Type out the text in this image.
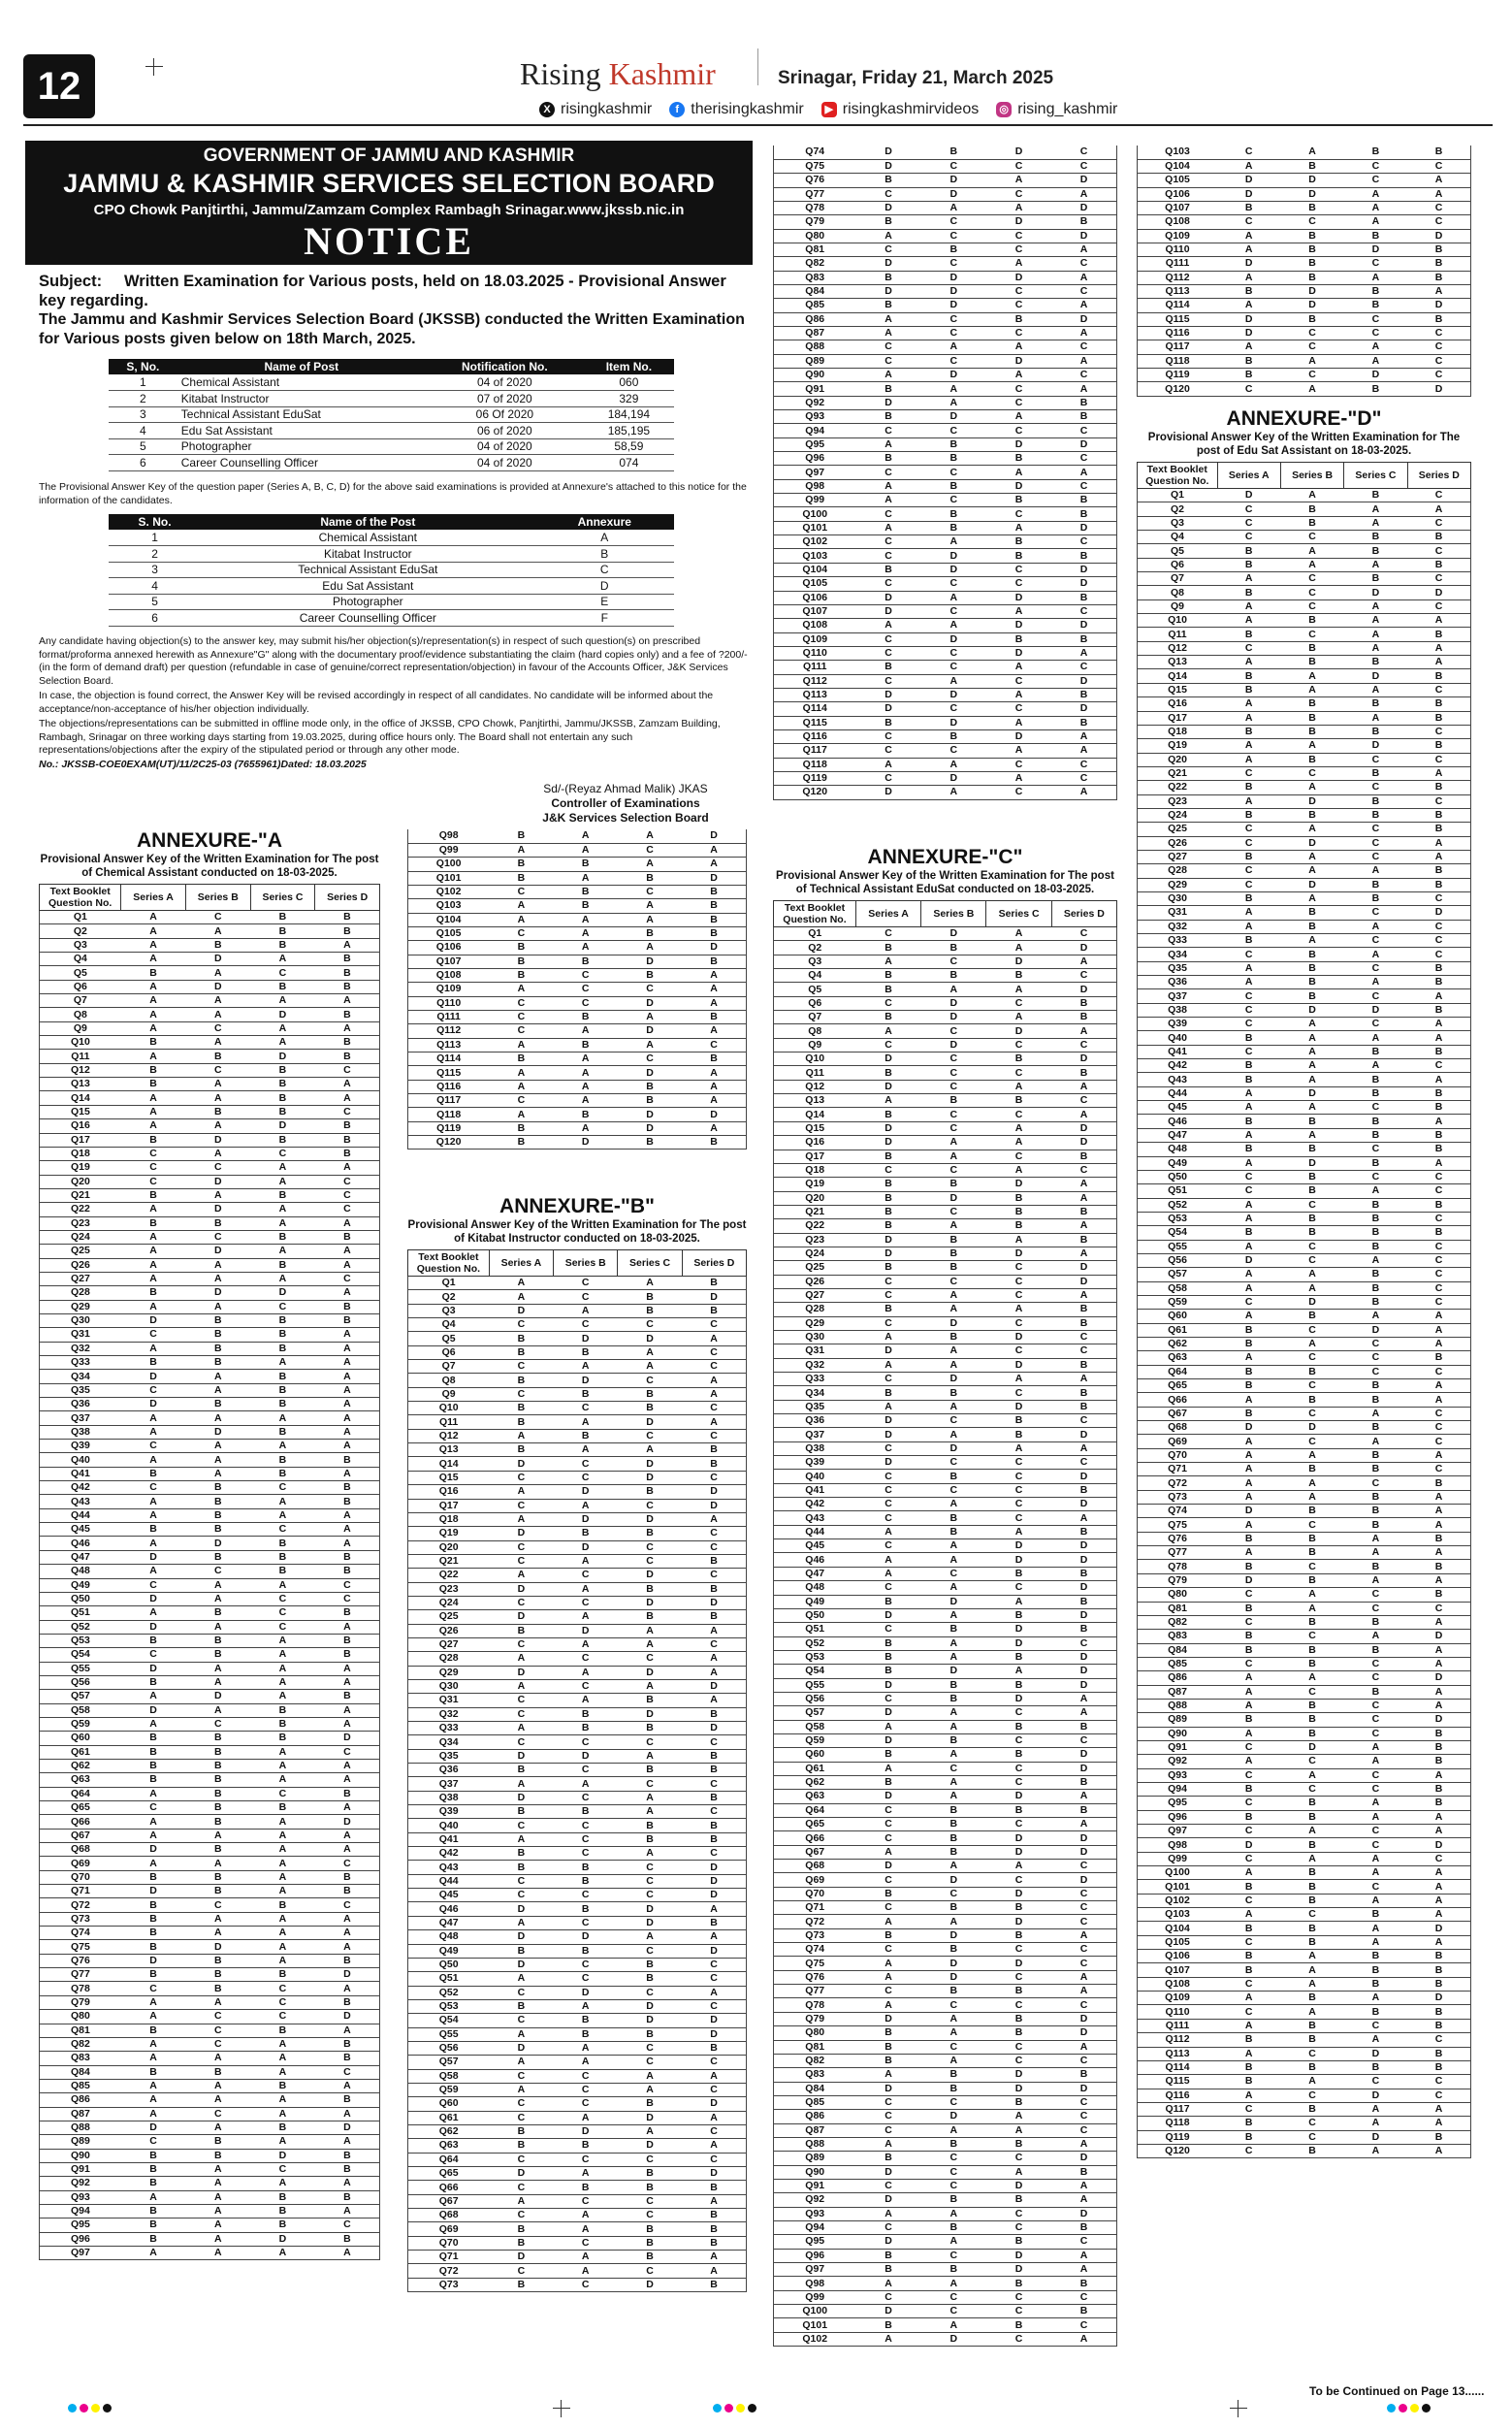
12	Rising Kashmir	Srinagar, Friday 21, March 2025
X risingkashmir	f therisingkashmir	▶ risingkashmirvideos ◎ rising_kashmir
GOVERNMENT OF JAMMU AND KASHMIR
JAMMU & KASHMIR SERVICES SELECTION BOARD
CPO Chowk Panjtirthi, Jammu/Zamzam Complex Rambagh Srinagar.www.jkssb.nic.in
NOTICE
Subject: Written Examination for Various posts, held on 18.03.2025 - Provisional Answer key regarding.
The Jammu and Kashmir Services Selection Board (JKSSB) conducted the Written Examination for Various posts given below on 18th March, 2025.
S, No.	Name of Post	Notification No.	Item No.
1	Chemical Assistant	04 of 2020	060
2	Kitabat Instructor	07 of 2020	329
3	Technical Assistant EduSat	06 Of 2020	184,194
4	Edu Sat Assistant	06 of 2020	185,195
5	Photographer	04 of 2020	58,59
6	Career Counselling Officer	04 of 2020	074
The Provisional Answer Key of the question paper (Series A, B, C, D) for the above said examinations is provided at Annexure's attached to this notice for the information of the candidates.
S. No.	Name of the Post	Annexure
1	Chemical Assistant	A
2	Kitabat Instructor	B
3	Technical Assistant EduSat	C
4	Edu Sat Assistant	D
5	Photographer	E
6	Career Counselling Officer	F
Any candidate having objection(s) to the answer key, may submit his/her objection(s)/representation(s) in respect of such question(s) on prescribed format/proforma annexed herewith as Annexure"G" along with the documentary proof/evidence substantiating the claim (hard copies only) and a fee of ?200/- (in the form of demand draft) per question (refundable in case of genuine/correct representation/objection) in favour of the Accounts Officer, J&K Services Selection Board.
In case, the objection is found correct, the Answer Key will be revised accordingly in respect of all candidates. No candidate will be informed about the acceptance/non-acceptance of his/her objection individually.
The objections/representations can be submitted in offline mode only, in the office of JKSSB, CPO Chowk, Panjtirthi, Jammu/JKSSB, Zamzam Building, Rambagh, Srinagar on three working days starting from 19.03.2025, during office hours only. The Board shall not entertain any such representations/objections after the expiry of the stipulated period or through any other mode.
No.: JKSSB-COE0EXAM(UT)/11/2C25-03 (7655961)Dated: 18.03.2025
Sd/-(Reyaz Ahmad Malik) JKAS
Controller of Examinations
J&K Services Selection Board
ANNEXURE-"A
Provisional Answer Key of the Written Examination for The post of Chemical Assistant conducted on 18-03-2025.
Text Booklet Question No.	Series A	Series B	Series C	Series D
Q1	A	C	B	B
Q2	A	A	B	B
Q3	A	B	B	A
Q4	A	D	A	B
Q5	B	A	C	B
Q6	A	D	B	B
Q7	A	A	A	A
Q8	A	A	D	B
Q9	A	C	A	A
Q10	B	A	A	B
Q11	A	B	D	B
Q12	B	C	B	C
Q13	B	A	B	A
Q14	A	A	B	A
Q15	A	B	B	C
Q16	A	A	D	B
Q17	B	D	B	B
Q18	C	A	C	B
Q19	C	C	A	A
Q20	C	D	A	C
Q21	B	A	B	C
Q22	A	D	A	C
Q23	B	B	A	A
Q24	A	C	B	B
Q25	A	D	A	A
Q26	A	A	B	A
Q27	A	A	A	C
Q28	B	D	D	A
Q29	A	A	C	B
Q30	D	B	B	B
Q31	C	B	B	A
Q32	A	B	B	A
Q33	B	B	A	A
Q34	D	A	B	A
Q35	C	A	B	A
Q36	D	B	B	A
Q37	A	A	A	A
Q38	A	D	B	A
Q39	C	A	A	A
Q40	A	A	B	B
Q41	B	A	B	A
Q42	C	B	C	B
Q43	A	B	A	B
Q44	A	B	A	A
Q45	B	B	C	A
Q46	A	D	B	A
Q47	D	B	B	B
Q48	A	C	B	B
Q49	C	A	A	C
Q50	D	A	C	C
Q51	A	B	C	B
Q52	D	A	C	A
Q53	B	B	A	B
Q54	C	B	A	B
Q55	D	A	A	A
Q56	B	A	A	A
Q57	A	D	A	B
Q58	D	A	B	A
Q59	A	C	B	A
Q60	B	B	B	D
Q61	B	B	A	C
Q62	B	B	A	A
Q63	B	B	A	A
Q64	A	B	C	B
Q65	C	B	B	A
Q66	A	B	A	D
Q67	A	A	A	A
Q68	D	B	A	A
Q69	A	A	A	C
Q70	B	B	A	B
Q71	D	B	A	B
Q72	B	C	B	C
Q73	B	A	A	A
Q74	B	A	A	A
Q75	B	D	A	A
Q76	D	B	A	B
Q77	B	B	B	D
Q78	C	B	C	A
Q79	A	A	C	B
Q80	A	C	C	D
Q81	B	C	B	A
Q82	A	C	A	B
Q83	A	A	A	B
Q84	B	B	A	C
Q85	A	A	B	A
Q86	A	A	A	B
Q87	A	C	A	A
Q88	D	A	B	D
Q89	C	B	A	A
Q90	B	B	D	B
Q91	B	A	C	B
Q92	B	A	A	A
Q93	A	A	B	B
Q94	B	A	B	A
Q95	B	A	B	C
Q96	B	A	D	B
Q97	A	A	A	A
Q98	B	A	A	D
Q99	A	A	C	A
Q100	B	B	A	A
Q101	B	A	B	D
Q102	C	B	C	B
Q103	A	B	A	B
Q104	A	A	A	B
Q105	C	A	B	B
Q106	B	A	A	D
Q107	B	B	D	B
Q108	B	C	B	A
Q109	A	C	C	A
Q110	C	C	D	A
Q111	C	B	A	B
Q112	C	A	D	A
Q113	A	B	A	C
Q114	B	A	C	B
Q115	A	A	D	A
Q116	A	A	B	A
Q117	C	A	B	A
Q118	A	B	D	D
Q119	B	A	D	A
Q120	B	D	B	B
ANNEXURE-"B"
Provisional Answer Key of the Written Examination for The post of Kitabat Instructor conducted on 18-03-2025.
Text Booklet Question No.	Series A	Series B	Series C	Series D
Q1	A	C	A	B
Q2	A	C	B	D
Q3	D	A	B	B
Q4	C	C	C	C
Q5	B	D	D	A
Q6	B	B	A	C
Q7	C	A	A	C
Q8	B	D	C	A
Q9	C	B	B	A
Q10	B	C	B	C
Q11	B	A	D	A
Q12	A	B	C	C
Q13	B	A	A	B
Q14	D	C	D	B
Q15	C	C	D	C
Q16	A	D	B	D
Q17	C	A	C	D
Q18	A	D	D	A
Q19	D	B	B	C
Q20	C	D	C	C
Q21	C	A	C	B
Q22	A	C	D	C
Q23	D	A	B	B
Q24	C	C	D	D
Q25	D	A	B	B
Q26	B	D	A	A
Q27	C	A	A	C
Q28	A	C	C	A
Q29	D	A	D	A
Q30	A	C	A	D
Q31	C	A	B	A
Q32	C	B	D	B
Q33	A	B	B	D
Q34	C	C	C	C
Q35	D	D	A	B
Q36	B	C	B	B
Q37	A	A	C	C
Q38	D	C	A	B
Q39	B	B	A	C
Q40	C	C	B	B
Q41	A	C	B	B
Q42	B	C	A	C
Q43	B	B	C	D
Q44	C	B	C	D
Q45	C	C	C	D
Q46	D	B	D	A
Q47	A	C	D	B
Q48	D	D	A	A
Q49	B	B	C	D
Q50	D	C	B	C
Q51	A	C	B	C
Q52	C	D	C	A
Q53	B	A	D	C
Q54	C	B	D	D
Q55	A	B	B	D
Q56	D	A	C	B
Q57	A	A	C	C
Q58	C	C	A	A
Q59	A	C	A	C
Q60	C	C	B	D
Q61	C	A	D	A
Q62	B	D	A	C
Q63	B	B	D	A
Q64	C	C	C	C
Q65	D	A	B	D
Q66	C	B	B	B
Q67	A	C	C	A
Q68	C	A	C	B
Q69	B	A	B	B
Q70	B	C	B	B
Q71	D	A	B	A
Q72	C	A	C	A
Q73	B	C	D	B
Q74	D	B	D	C
Q75	D	C	C	C
Q76	B	D	A	D
Q77	C	D	C	A
Q78	D	A	A	D
Q79	B	C	D	B
Q80	A	C	C	D
Q81	C	B	C	A
Q82	D	C	A	C
Q83	B	D	D	A
Q84	D	D	C	C
Q85	B	D	C	A
Q86	A	C	B	D
Q87	A	C	C	A
Q88	C	A	A	C
Q89	C	C	D	A
Q90	A	D	A	C
Q91	B	A	C	A
Q92	D	A	C	B
Q93	B	D	A	B
Q94	C	C	C	C
Q95	A	B	D	D
Q96	B	B	B	C
Q97	C	C	A	A
Q98	A	B	D	C
Q99	A	C	B	B
Q100	C	B	C	B
Q101	A	B	A	D
Q102	C	A	B	C
Q103	C	D	B	B
Q104	B	D	C	D
Q105	C	C	C	D
Q106	D	A	D	B
Q107	D	C	A	C
Q108	A	A	D	D
Q109	C	D	B	B
Q110	C	C	D	A
Q111	B	C	A	C
Q112	C	A	C	D
Q113	D	D	A	B
Q114	D	C	C	D
Q115	B	D	A	B
Q116	C	B	D	A
Q117	C	C	A	A
Q118	A	A	C	C
Q119	C	D	A	C
Q120	D	A	C	A
ANNEXURE-"C"
Provisional Answer Key of the Written Examination for The post of Technical Assistant EduSat conducted on 18-03-2025.
Text Booklet Question No.	Series A	Series B	Series C	Series D
Q1	C	D	A	C
Q2	B	B	A	D
Q3	A	C	D	A
Q4	B	B	B	C
Q5	B	A	A	D
Q6	C	D	C	B
Q7	B	D	A	B
Q8	A	C	D	A
Q9	C	D	C	C
Q10	D	C	B	D
Q11	B	C	C	B
Q12	D	C	A	A
Q13	A	B	B	C
Q14	B	C	C	A
Q15	D	C	A	D
Q16	D	A	A	D
Q17	B	A	C	B
Q18	C	C	A	C
Q19	B	B	D	A
Q20	B	D	B	A
Q21	B	C	B	B
Q22	B	A	B	A
Q23	D	B	A	B
Q24	D	B	D	A
Q25	B	B	C	D
Q26	C	C	C	D
Q27	C	A	C	A
Q28	B	A	A	B
Q29	C	D	C	B
Q30	A	B	D	C
Q31	D	A	C	C
Q32	A	A	D	B
Q33	C	D	A	A
Q34	B	B	C	B
Q35	A	A	D	B
Q36	D	C	B	C
Q37	D	A	B	D
Q38	C	D	A	A
Q39	D	C	C	C
Q40	C	B	C	D
Q41	C	C	C	B
Q42	C	A	C	D
Q43	C	B	C	A
Q44	A	B	A	B
Q45	C	A	D	D
Q46	A	A	D	D
Q47	A	C	B	B
Q48	C	A	C	D
Q49	B	D	A	B
Q50	D	A	B	D
Q51	C	B	D	B
Q52	B	A	D	C
Q53	B	A	B	D
Q54	B	D	A	D
Q55	D	B	B	D
Q56	C	B	D	A
Q57	D	A	C	A
Q58	A	A	B	B
Q59	D	B	C	C
Q60	B	A	B	D
Q61	A	C	C	D
Q62	B	A	C	B
Q63	D	A	D	A
Q64	C	B	B	B
Q65	C	B	C	A
Q66	C	B	D	D
Q67	A	B	D	D
Q68	D	A	A	C
Q69	C	D	C	D
Q70	B	C	D	C
Q71	C	B	B	C
Q72	A	A	D	C
Q73	B	D	B	A
Q74	C	B	C	C
Q75	A	D	D	C
Q76	A	D	C	A
Q77	C	B	B	A
Q78	A	C	C	C
Q79	D	A	B	D
Q80	B	A	B	D
Q81	B	C	C	A
Q82	B	A	C	C
Q83	A	B	D	B
Q84	D	B	D	D
Q85	C	C	B	C
Q86	C	D	A	C
Q87	C	A	A	C
Q88	A	B	B	A
Q89	B	C	C	D
Q90	D	C	A	B
Q91	C	C	D	A
Q92	D	B	B	A
Q93	A	A	C	D
Q94	C	B	C	B
Q95	D	A	B	C
Q96	B	C	D	A
Q97	B	B	D	A
Q98	A	A	B	B
Q99	C	C	C	C
Q100	D	C	C	B
Q101	B	A	B	C
Q102	A	D	C	A
Q103	C	A	B	B
Q104	A	B	C	C
Q105	D	D	C	A
Q106	D	D	A	A
Q107	B	B	A	C
Q108	C	C	A	C
Q109	A	B	B	D
Q110	A	B	D	B
Q111	D	B	C	B
Q112	A	B	A	B
Q113	B	D	B	A
Q114	A	D	B	D
Q115	D	B	C	B
Q116	D	C	C	C
Q117	A	C	A	C
Q118	B	A	A	C
Q119	B	C	D	C
Q120	C	A	B	D
ANNEXURE-"D"
Provisional Answer Key of the Written Examination for The post of Edu Sat Assistant on 18-03-2025.
Text Booklet Question No.	Series A	Series B	Series C	Series D
Q1	D	A	B	C
Q2	C	B	A	A
Q3	C	B	A	C
Q4	C	C	B	B
Q5	B	A	B	C
Q6	B	A	A	B
Q7	A	C	B	C
Q8	B	C	D	D
Q9	A	C	A	C
Q10	A	B	A	A
Q11	B	C	A	B
Q12	C	B	A	A
Q13	A	B	B	A
Q14	B	A	D	B
Q15	B	A	A	C
Q16	A	B	B	B
Q17	A	B	A	B
Q18	B	B	B	C
Q19	A	A	D	B
Q20	A	B	C	C
Q21	C	C	B	A
Q22	B	A	C	B
Q23	A	D	B	C
Q24	B	B	B	B
Q25	C	A	C	B
Q26	C	D	C	A
Q27	B	A	C	A
Q28	C	A	A	B
Q29	C	D	B	B
Q30	B	A	B	C
Q31	A	B	C	D
Q32	A	B	A	C
Q33	B	A	C	C
Q34	C	B	A	C
Q35	A	B	C	B
Q36	A	B	A	B
Q37	C	B	C	A
Q38	C	D	D	B
Q39	C	A	C	A
Q40	B	A	A	A
Q41	C	A	B	B
Q42	B	A	A	C
Q43	B	A	B	A
Q44	A	D	B	B
Q45	A	A	C	B
Q46	B	B	B	A
Q47	A	A	B	B
Q48	B	B	C	B
Q49	A	D	B	A
Q50	C	B	C	C
Q51	C	B	A	C
Q52	A	C	B	B
Q53	A	B	B	C
Q54	B	B	B	B
Q55	A	C	B	C
Q56	D	C	A	C
Q57	A	A	B	C
Q58	A	A	B	C
Q59	C	D	B	C
Q60	A	B	A	A
Q61	B	C	D	A
Q62	B	A	C	A
Q63	A	C	C	B
Q64	B	B	C	C
Q65	B	C	B	A
Q66	A	B	B	A
Q67	B	C	A	C
Q68	D	D	B	C
Q69	A	C	A	C
Q70	A	A	B	A
Q71	A	B	B	C
Q72	A	A	C	B
Q73	A	A	B	A
Q74	D	B	B	A
Q75	A	C	B	A
Q76	B	B	A	B
Q77	A	B	A	A
Q78	B	C	B	B
Q79	D	B	A	A
Q80	C	A	C	B
Q81	B	A	C	C
Q82	C	B	B	A
Q83	B	C	A	D
Q84	B	B	B	A
Q85	C	B	C	A
Q86	A	A	C	D
Q87	A	C	B	A
Q88	A	B	C	A
Q89	B	B	C	D
Q90	A	B	C	B
Q91	C	D	A	B
Q92	A	C	A	B
Q93	C	A	C	A
Q94	B	C	C	B
Q95	C	B	A	B
Q96	B	B	A	A
Q97	C	A	C	A
Q98	D	B	C	D
Q99	C	A	A	C
Q100	A	B	A	A
Q101	B	B	C	A
Q102	C	B	A	A
Q103	A	C	B	A
Q104	B	B	A	D
Q105	C	B	A	A
Q106	B	A	B	B
Q107	B	A	B	B
Q108	C	A	B	B
Q109	A	B	A	D
Q110	C	A	B	B
Q111	A	B	C	B
Q112	B	B	A	C
Q113	A	C	D	B
Q114	B	B	B	B
Q115	B	A	C	C
Q116	A	C	D	C
Q117	C	B	A	A
Q118	B	C	A	A
Q119	B	C	D	B
Q120	C	B	A	A
To be Continued on Page 13......
